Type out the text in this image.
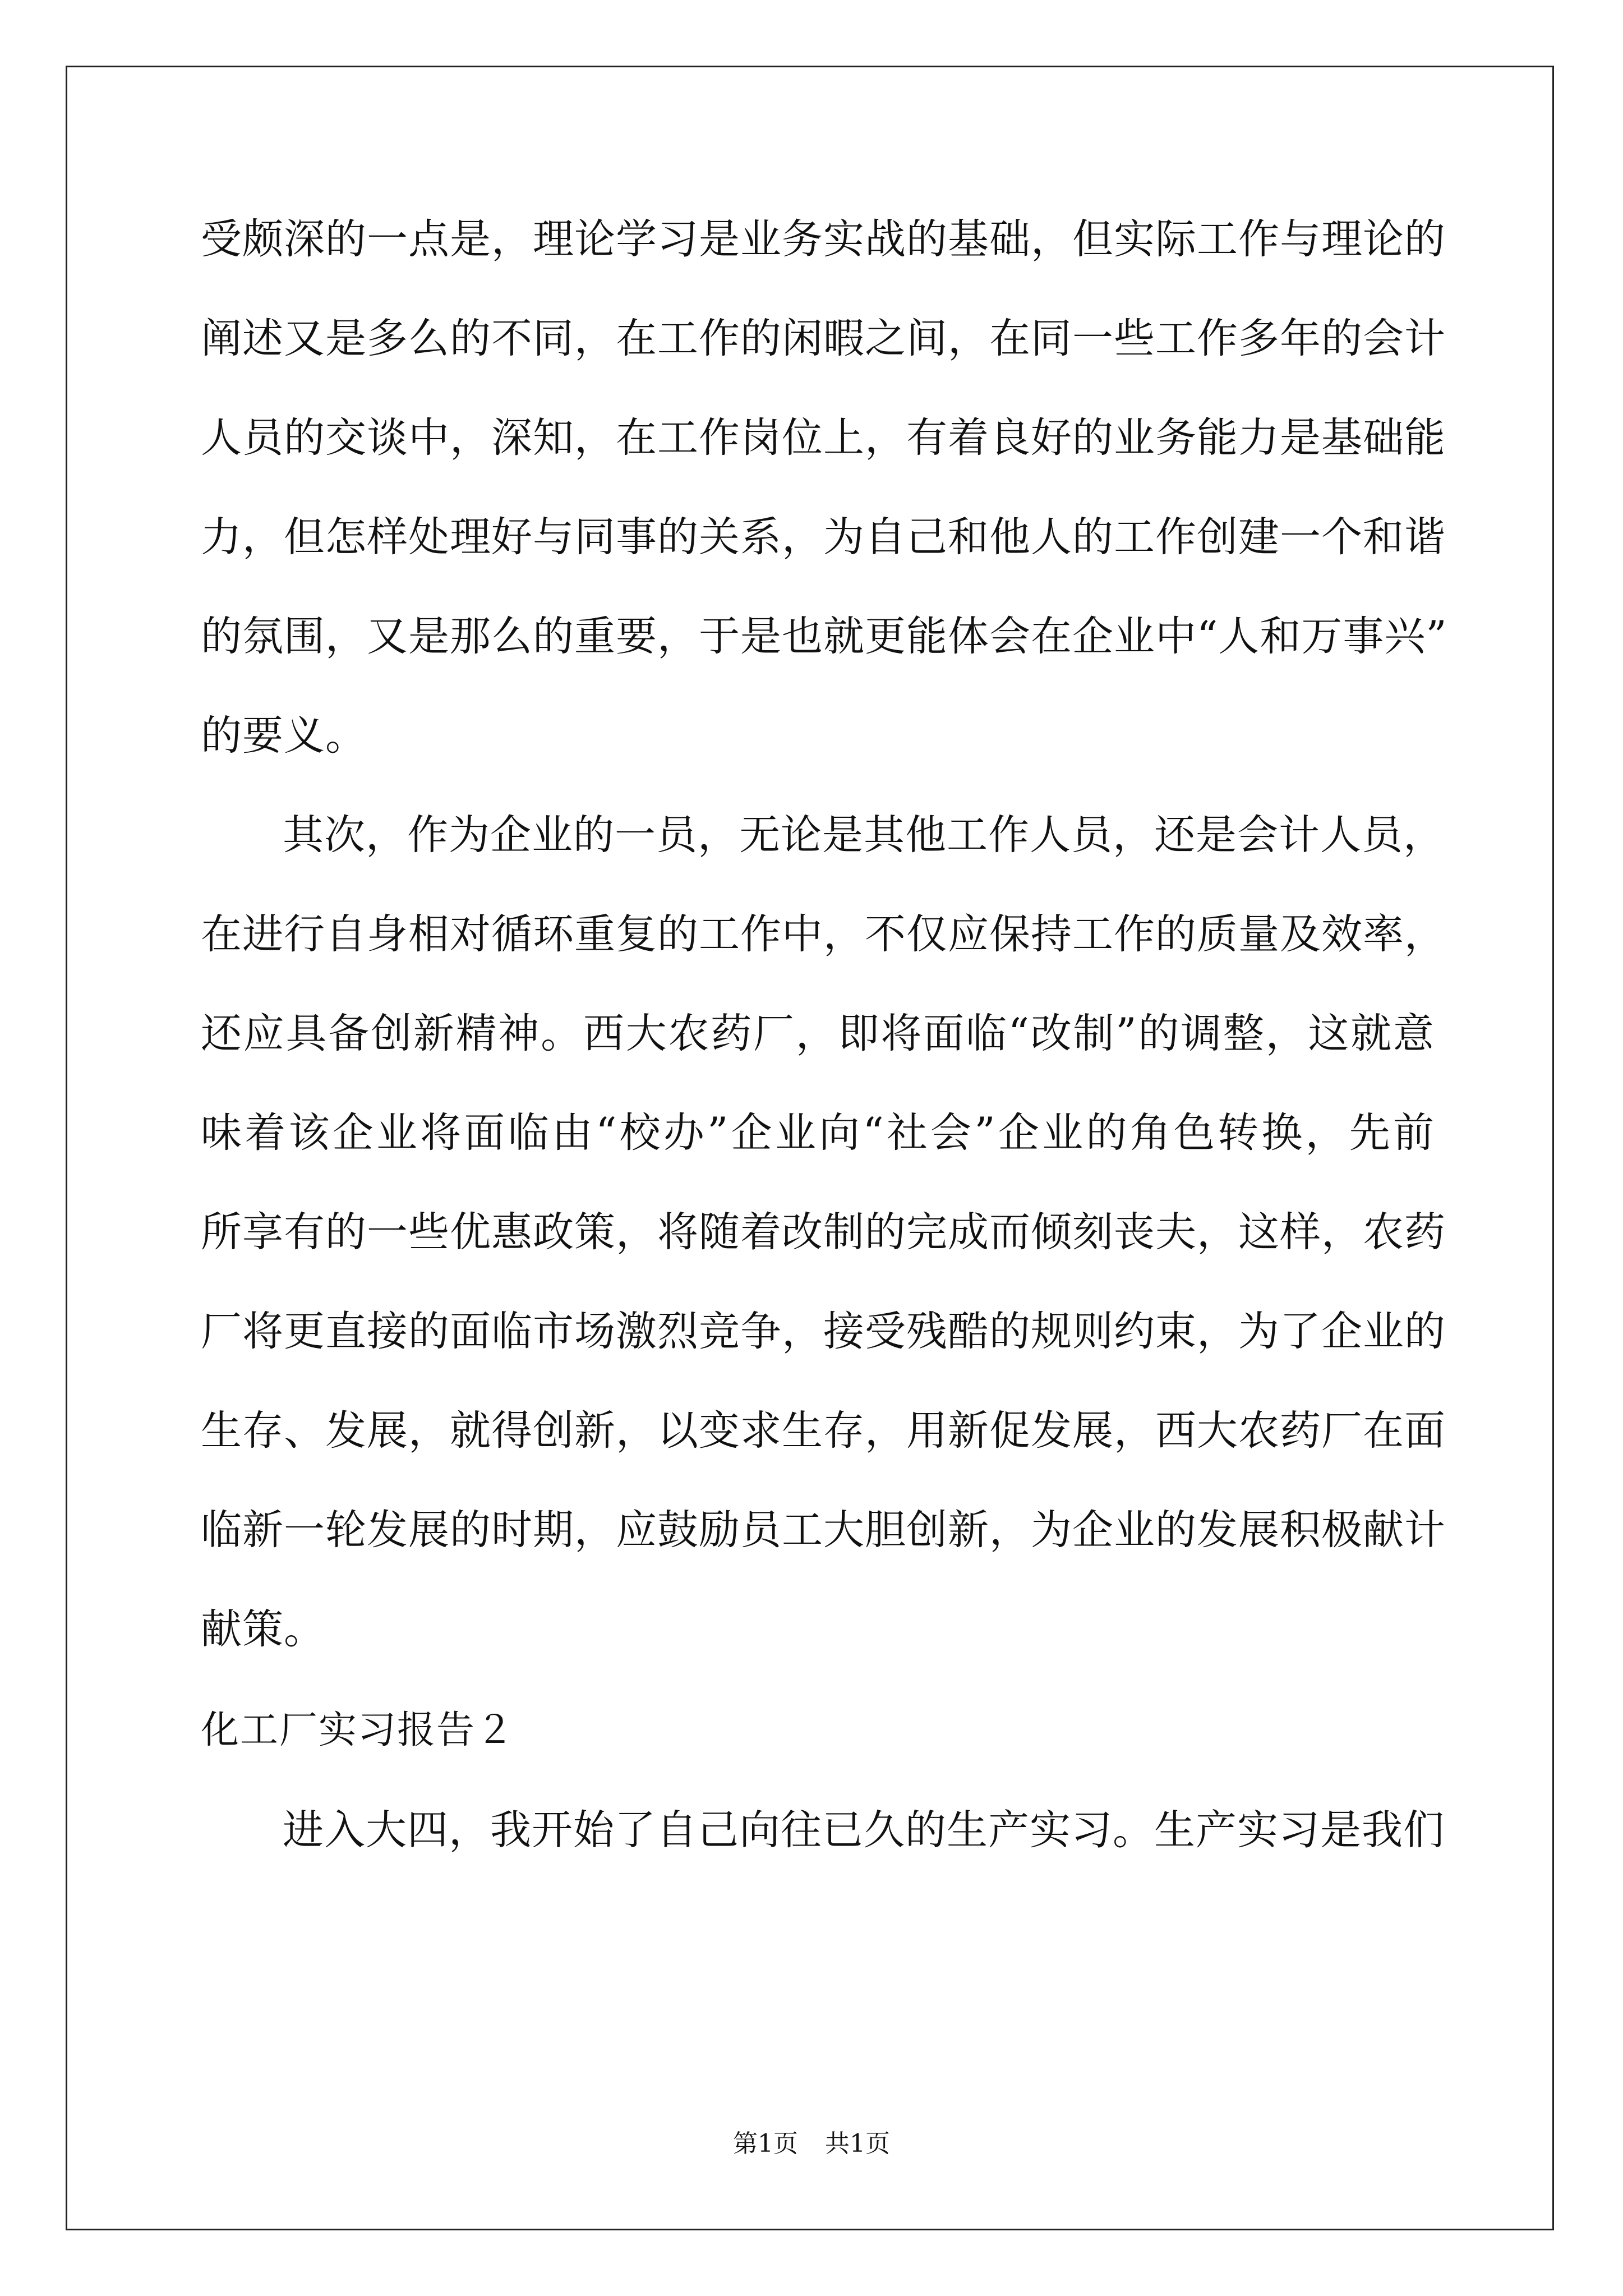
受颇深的一点是，理论学习是业务实战的基础，但实际工作与理论的
阐述又是多么的不同，在工作的闲暇之间，在同一些工作多年的会计
人员的交谈中，深知，在工作岗位上，有着良好的业务能力是基础能
力，但怎样处理好与同事的关系，为自己和他人的工作创建一个和谐
的氛围，又是那么的重要，于是也就更能体会在企业中“人和万事兴”
的要义。
其次，作为企业的一员，无论是其他工作人员，还是会计人员，
在进行自身相对循环重复的工作中，不仅应保持工作的质量及效率，
还应具备创新精神。西大农药厂，即将面临“改制”的调整，这就意
味着该企业将面临由“校办”企业向“社会”企业的角色转换，先前
所享有的一些优惠政策，将随着改制的完成而倾刻丧夫，这样，农药
厂将更直接的面临市场激烈竞争，接受残酷的规则约束，为了企业的
生存、发展，就得创新，以变求生存，用新促发展，西大农药厂在面
临新一轮发展的时期，应鼓励员工大胆创新，为企业的发展积极献计
献策。
化工厂实习报告２
进入大四，我开始了自己向往已久的生产实习。生产实习是我们
第1页 共1页
